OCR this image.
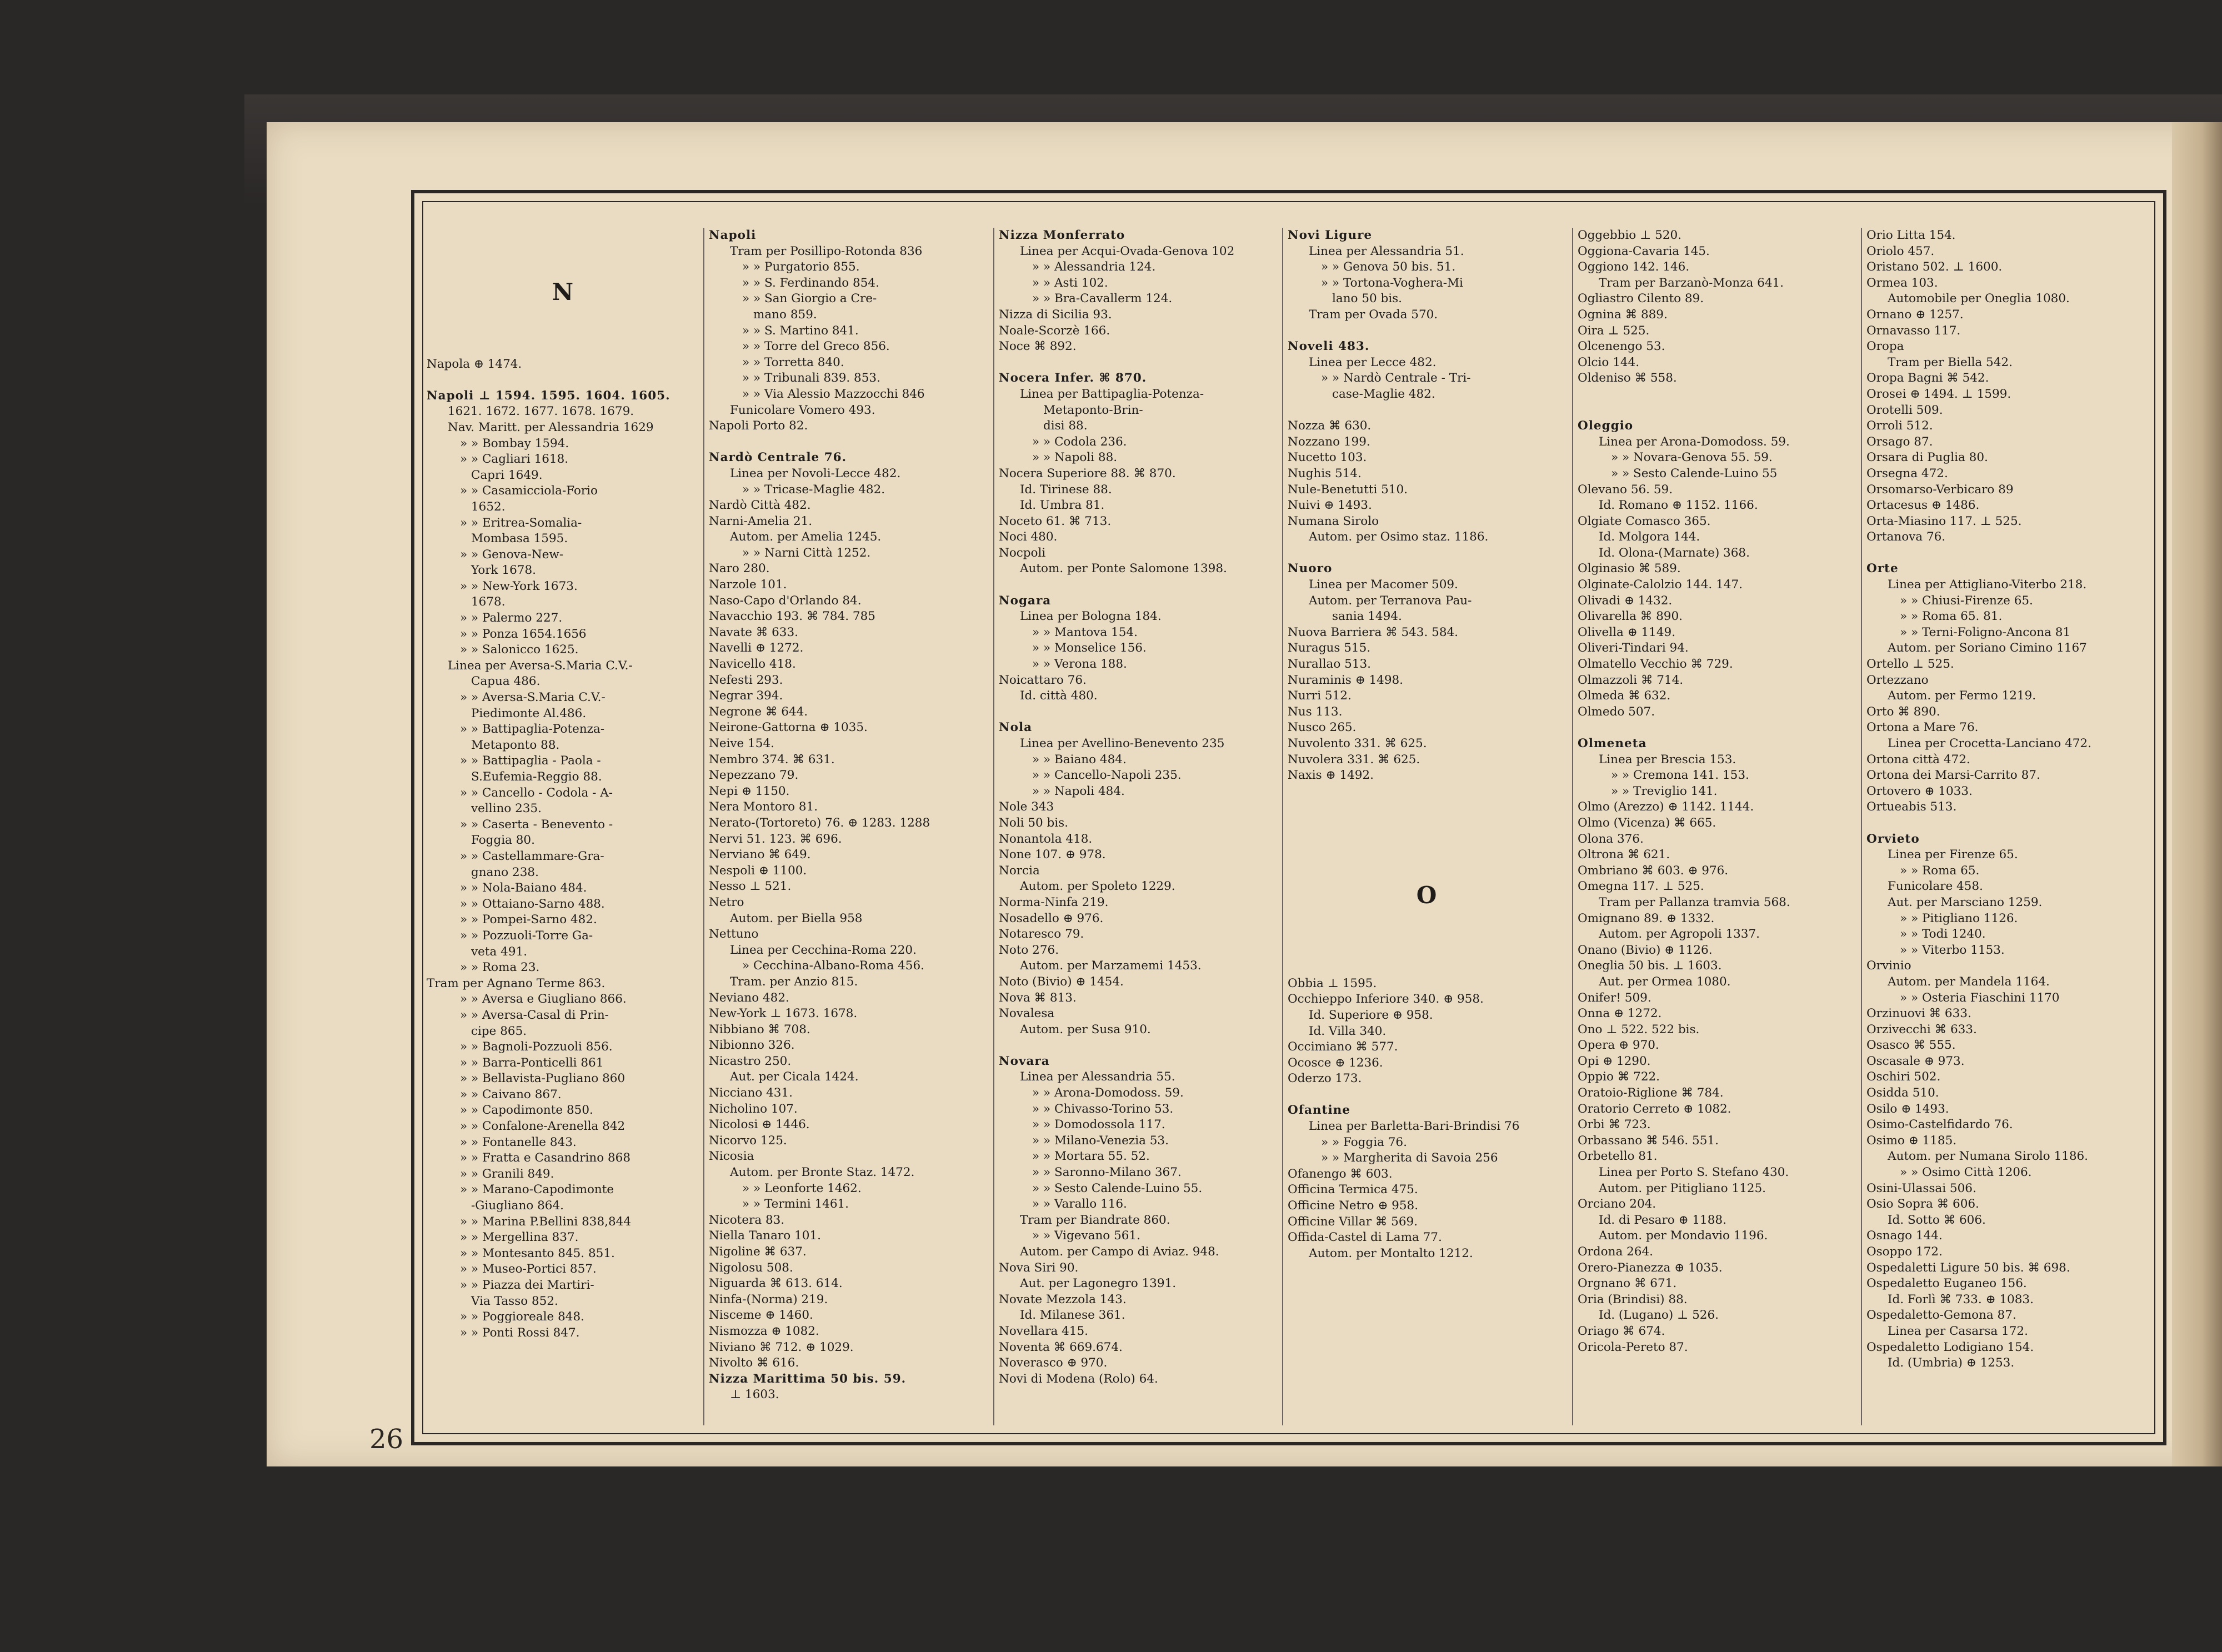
26
N
Napola ⊕ 1474.
Napoli ⊥ 1594. 1595. 1604. 1605.
1621. 1672. 1677. 1678. 1679.
Nav. Maritt. per Alessandria 1629
» » Bombay 1594.
» » Cagliari 1618.
Capri 1649.
» » Casamicciola-Forio
1652.
» » Eritrea-Somalia-
Mombasa 1595.
» » Genova-New-
York 1678.
» » New-York 1673.
1678.
» » Palermo 227.
» » Ponza 1654.1656
» » Salonicco 1625.
Linea per Aversa-S.Maria C.V.-
Capua 486.
» » Aversa-S.Maria C.V.-
Piedimonte Al.486.
» » Battipaglia-Potenza-
Metaponto 88.
» » Battipaglia - Paola -
S.Eufemia-Reggio 88.
» » Cancello - Codola - A-
vellino 235.
» » Caserta - Benevento -
Foggia 80.
» » Castellammare-Gra-
gnano 238.
» » Nola-Baiano 484.
» » Ottaiano-Sarno 488.
» » Pompei-Sarno 482.
» » Pozzuoli-Torre Ga-
veta 491.
» » Roma 23.
Tram per Agnano Terme 863.
» » Aversa e Giugliano 866.
» » Aversa-Casal di Prin-
cipe 865.
» » Bagnoli-Pozzuoli 856.
» » Barra-Ponticelli 861
» » Bellavista-Pugliano 860
» » Caivano 867.
» » Capodimonte 850.
» » Confalone-Arenella 842
» » Fontanelle 843.
» » Fratta e Casandrino 868
» » Granili 849.
» » Marano-Capodimonte
-Giugliano 864.
» » Marina P.Bellini 838,844
» » Mergellina 837.
» » Montesanto 845. 851.
» » Museo-Portici 857.
» » Piazza dei Martiri-
Via Tasso 852.
» » Poggioreale 848.
» » Ponti Rossi 847.
Napoli
Tram per Posillipo-Rotonda 836
» » Purgatorio 855.
» » S. Ferdinando 854.
» » San Giorgio a Cre-
mano 859.
» » S. Martino 841.
» » Torre del Greco 856.
» » Torretta 840.
» » Tribunali 839. 853.
» » Via Alessio Mazzocchi 846
Funicolare Vomero 493.
Napoli Porto 82.
Nardò Centrale 76.
Linea per Novoli-Lecce 482.
» » Tricase-Maglie 482.
Nardò Città 482.
Narni-Amelia 21.
Autom. per Amelia 1245.
» » Narni Città 1252.
Naro 280.
Narzole 101.
Naso-Capo d'Orlando 84.
Navacchio 193. ⌘ 784. 785
Navate ⌘ 633.
Navelli ⊕ 1272.
Navicello 418.
Nefesti 293.
Negrar 394.
Negrone ⌘ 644.
Neirone-Gattorna ⊕ 1035.
Neive 154.
Nembro 374. ⌘ 631.
Nepezzano 79.
Nepi ⊕ 1150.
Nera Montoro 81.
Nerato-(Tortoreto) 76. ⊕ 1283. 1288
Nervi 51. 123. ⌘ 696.
Nerviano ⌘ 649.
Nespoli ⊕ 1100.
Nesso ⊥ 521.
Netro
Autom. per Biella 958
Nettuno
Linea per Cecchina-Roma 220.
» Cecchina-Albano-Roma 456.
Tram. per Anzio 815.
Neviano 482.
New-York ⊥ 1673. 1678.
Nibbiano ⌘ 708.
Nibionno 326.
Nicastro 250.
Aut. per Cicala 1424.
Nicciano 431.
Nicholino 107.
Nicolosi ⊕ 1446.
Nicorvo 125.
Nicosia
Autom. per Bronte Staz. 1472.
» » Leonforte 1462.
» » Termini 1461.
Nicotera 83.
Niella Tanaro 101.
Nigoline ⌘ 637.
Nigolosu 508.
Niguarda ⌘ 613. 614.
Ninfa-(Norma) 219.
Nisceme ⊕ 1460.
Nismozza ⊕ 1082.
Niviano ⌘ 712. ⊕ 1029.
Nivolto ⌘ 616.
Nizza Marittima 50 bis. 59.
⊥ 1603.
Nizza Monferrato
Linea per Acqui-Ovada-Genova 102
» » Alessandria 124.
» » Asti 102.
» » Bra-Cavallerm 124.
Nizza di Sicilia 93.
Noale-Scorzè 166.
Noce ⌘ 892.
Nocera Infer. ⌘ 870.
Linea per Battipaglia-Potenza-
Metaponto-Brin-
disi 88.
» » Codola 236.
» » Napoli 88.
Nocera Superiore 88. ⌘ 870.
Id. Tirinese 88.
Id. Umbra 81.
Noceto 61. ⌘ 713.
Noci 480.
Nocpoli
Autom. per Ponte Salomone 1398.
Nogara
Linea per Bologna 184.
» » Mantova 154.
» » Monselice 156.
» » Verona 188.
Noicattaro 76.
Id. città 480.
Nola
Linea per Avellino-Benevento 235
» » Baiano 484.
» » Cancello-Napoli 235.
» » Napoli 484.
Nole 343
Noli 50 bis.
Nonantola 418.
None 107. ⊕ 978.
Norcia
Autom. per Spoleto 1229.
Norma-Ninfa 219.
Nosadello ⊕ 976.
Notaresco 79.
Noto 276.
Autom. per Marzamemi 1453.
Noto (Bivio) ⊕ 1454.
Nova ⌘ 813.
Novalesa
Autom. per Susa 910.
Novara
Linea per Alessandria 55.
» » Arona-Domodoss. 59.
» » Chivasso-Torino 53.
» » Domodossola 117.
» » Milano-Venezia 53.
» » Mortara 55. 52.
» » Saronno-Milano 367.
» » Sesto Calende-Luino 55.
» » Varallo 116.
Tram per Biandrate 860.
» » Vigevano 561.
Autom. per Campo di Aviaz. 948.
Nova Siri 90.
Aut. per Lagonegro 1391.
Novate Mezzola 143.
Id. Milanese 361.
Novellara 415.
Noventa ⌘ 669.674.
Noverasco ⊕ 970.
Novi di Modena (Rolo) 64.
Novi Ligure
Linea per Alessandria 51.
» » Genova 50 bis. 51.
» » Tortona-Voghera-Mi
lano 50 bis.
Tram per Ovada 570.
Noveli 483.
Linea per Lecce 482.
» » Nardò Centrale - Tri-
case-Maglie 482.
Nozza ⌘ 630.
Nozzano 199.
Nucetto 103.
Nughis 514.
Nule-Benetutti 510.
Nuivi ⊕ 1493.
Numana Sirolo
Autom. per Osimo staz. 1186.
Nuoro
Linea per Macomer 509.
Autom. per Terranova Pau-
sania 1494.
Nuova Barriera ⌘ 543. 584.
Nuragus 515.
Nurallao 513.
Nuraminis ⊕ 1498.
Nurri 512.
Nus 113.
Nusco 265.
Nuvolento 331. ⌘ 625.
Nuvolera 331. ⌘ 625.
Naxis ⊕ 1492.
O
Obbia ⊥ 1595.
Occhieppo Inferiore 340. ⊕ 958.
Id. Superiore ⊕ 958.
Id. Villa 340.
Occimiano ⌘ 577.
Ocosce ⊕ 1236.
Oderzo 173.
Ofantine
Linea per Barletta-Bari-Brindisi 76
» » Foggia 76.
» » Margherita di Savoia 256
Ofanengo ⌘ 603.
Officina Termica 475.
Officine Netro ⊕ 958.
Officine Villar ⌘ 569.
Offida-Castel di Lama 77.
Autom. per Montalto 1212.
Oggebbio ⊥ 520.
Oggiona-Cavaria 145.
Oggiono 142. 146.
Tram per Barzanò-Monza 641.
Ogliastro Cilento 89.
Ognina ⌘ 889.
Oira ⊥ 525.
Olcenengo 53.
Olcio 144.
Oldeniso ⌘ 558.
Oleggio
Linea per Arona-Domodoss. 59.
» » Novara-Genova 55. 59.
» » Sesto Calende-Luino 55
Olevano 56. 59.
Id. Romano ⊕ 1152. 1166.
Olgiate Comasco 365.
Id. Molgora 144.
Id. Olona-(Marnate) 368.
Olginasio ⌘ 589.
Olginate-Calolzio 144. 147.
Olivadi ⊕ 1432.
Olivarella ⌘ 890.
Olivella ⊕ 1149.
Oliveri-Tindari 94.
Olmatello Vecchio ⌘ 729.
Olmazzoli ⌘ 714.
Olmeda ⌘ 632.
Olmedo 507.
Olmeneta
Linea per Brescia 153.
» » Cremona 141. 153.
» » Treviglio 141.
Olmo (Arezzo) ⊕ 1142. 1144.
Olmo (Vicenza) ⌘ 665.
Olona 376.
Oltrona ⌘ 621.
Ombriano ⌘ 603. ⊕ 976.
Omegna 117. ⊥ 525.
Tram per Pallanza tramvia 568.
Omignano 89. ⊕ 1332.
Autom. per Agropoli 1337.
Onano (Bivio) ⊕ 1126.
Oneglia 50 bis. ⊥ 1603.
Aut. per Ormea 1080.
Onifer! 509.
Onna ⊕ 1272.
Ono ⊥ 522. 522 bis.
Opera ⊕ 970.
Opi ⊕ 1290.
Oppio ⌘ 722.
Oratoio-Riglione ⌘ 784.
Oratorio Cerreto ⊕ 1082.
Orbi ⌘ 723.
Orbassano ⌘ 546. 551.
Orbetello 81.
Linea per Porto S. Stefano 430.
Autom. per Pitigliano 1125.
Orciano 204.
Id. di Pesaro ⊕ 1188.
Autom. per Mondavio 1196.
Ordona 264.
Orero-Pianezza ⊕ 1035.
Orgnano ⌘ 671.
Oria (Brindisi) 88.
Id. (Lugano) ⊥ 526.
Oriago ⌘ 674.
Oricola-Pereto 87.
Orio Litta 154.
Oriolo 457.
Oristano 502. ⊥ 1600.
Ormea 103.
Automobile per Oneglia 1080.
Ornano ⊕ 1257.
Ornavasso 117.
Oropa
Tram per Biella 542.
Oropa Bagni ⌘ 542.
Orosei ⊕ 1494. ⊥ 1599.
Orotelli 509.
Orroli 512.
Orsago 87.
Orsara di Puglia 80.
Orsegna 472.
Orsomarso-Verbicaro 89
Ortacesus ⊕ 1486.
Orta-Miasino 117. ⊥ 525.
Ortanova 76.
Orte
Linea per Attigliano-Viterbo 218.
» » Chiusi-Firenze 65.
» » Roma 65. 81.
» » Terni-Foligno-Ancona 81
Autom. per Soriano Cimino 1167
Ortello ⊥ 525.
Ortezzano
Autom. per Fermo 1219.
Orto ⌘ 890.
Ortona a Mare 76.
Linea per Crocetta-Lanciano 472.
Ortona città 472.
Ortona dei Marsi-Carrito 87.
Ortovero ⊕ 1033.
Ortueabis 513.
Orvieto
Linea per Firenze 65.
» » Roma 65.
Funicolare 458.
Aut. per Marsciano 1259.
» » Pitigliano 1126.
» » Todi 1240.
» » Viterbo 1153.
Orvinio
Autom. per Mandela 1164.
» » Osteria Fiaschini 1170
Orzinuovi ⌘ 633.
Orzivecchi ⌘ 633.
Osasco ⌘ 555.
Oscasale ⊕ 973.
Oschiri 502.
Osidda 510.
Osilo ⊕ 1493.
Osimo-Castelfidardo 76.
Osimo ⊕ 1185.
Autom. per Numana Sirolo 1186.
» » Osimo Città 1206.
Osini-Ulassai 506.
Osio Sopra ⌘ 606.
Id. Sotto ⌘ 606.
Osnago 144.
Osoppo 172.
Ospedaletti Ligure 50 bis. ⌘ 698.
Ospedaletto Euganeo 156.
Id. Forlì ⌘ 733. ⊕ 1083.
Ospedaletto-Gemona 87.
Linea per Casarsa 172.
Ospedaletto Lodigiano 154.
Id. (Umbria) ⊕ 1253.
